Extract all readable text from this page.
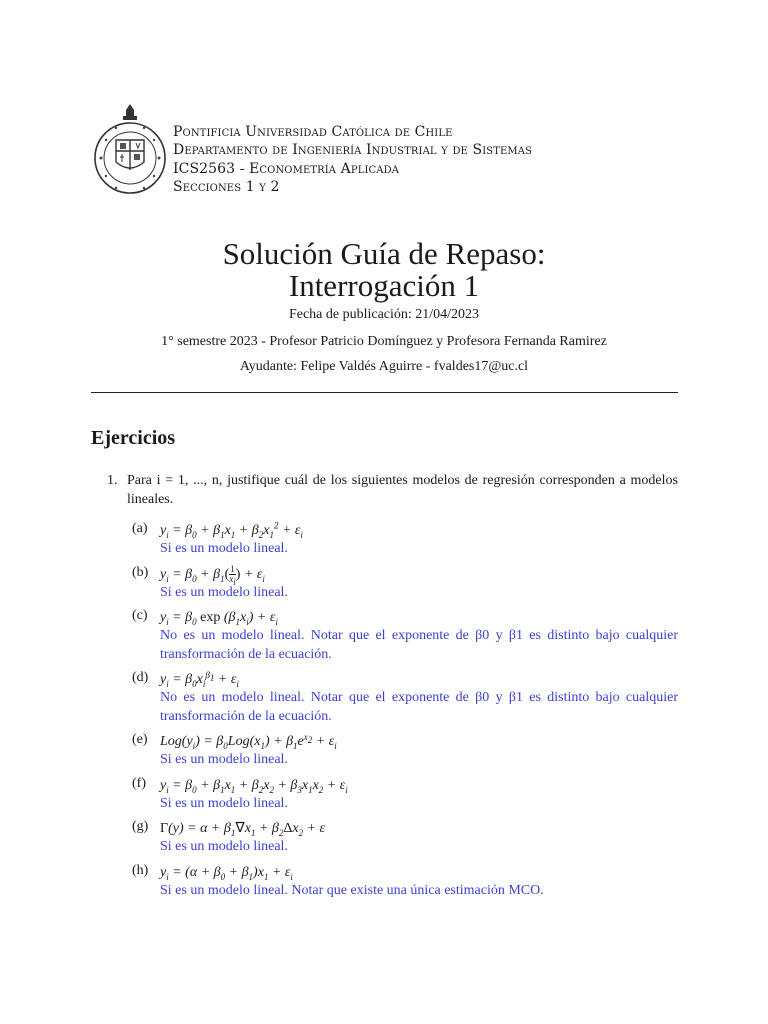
Pontificia Universidad Católica de Chile
Departamento de Ingeniería Industrial y de Sistemas
ICS2563 - Econometría Aplicada
Secciones 1 y 2
Solución Guía de Repaso:
Interrogación 1
Fecha de publicación: 21/04/2023
1° semestre 2023 - Profesor Patricio Domínguez y Profesora Fernanda Ramirez
Ayudante: Felipe Valdés Aguirre - fvaldes17@uc.cl
Ejercicios
1. Para i = 1, ..., n, justifique cuál de los siguientes modelos de regresión corresponden a modelos lineales.
(a) $y_i = \beta_0 + \beta_1x_1 + \beta_2x_1^2 + \varepsilon_i$
Si es un modelo lineal.
(b) $y_i = \beta_0 + \beta_1( \frac{1}{x_i}$ ) + $\varepsilon_i$
Si es un modelo lineal.
(c) $y_i = \beta_0$ $\exp (\beta_1x_i) + \varepsilon_i$
No es un modelo lineal. Notar que el exponente de β0 y β1 es distinto bajo cualquier transformación de la ecuación.
(d) $y_i = \beta_0x_i^{\beta_1} + \varepsilon_i$
No es un modelo lineal. Notar que el exponente de β0 y β1 es distinto bajo cualquier transformación de la ecuación.
(e) $Log(y_i) = \beta_0Log(x_1) + \beta_1e^{x_2} + \varepsilon_i$
Si es un modelo lineal.
(f)	$y_i = \beta_0 + \beta_1x_1 + \beta_2x_2 + \beta_3x_1x_2 + \varepsilon_i$
Si es un modelo lineal.
(g) $\Gamma(y) = \alpha + \beta_1\nabla x_1 + \beta_2\Delta x_2 + \varepsilon$
Si es un modelo lineal.
(h) $y_i = (\alpha + \beta_0 + \beta_1)x_1 + \varepsilon_i$
Si es un modelo lineal. Notar que existe una única estimación MCO.
